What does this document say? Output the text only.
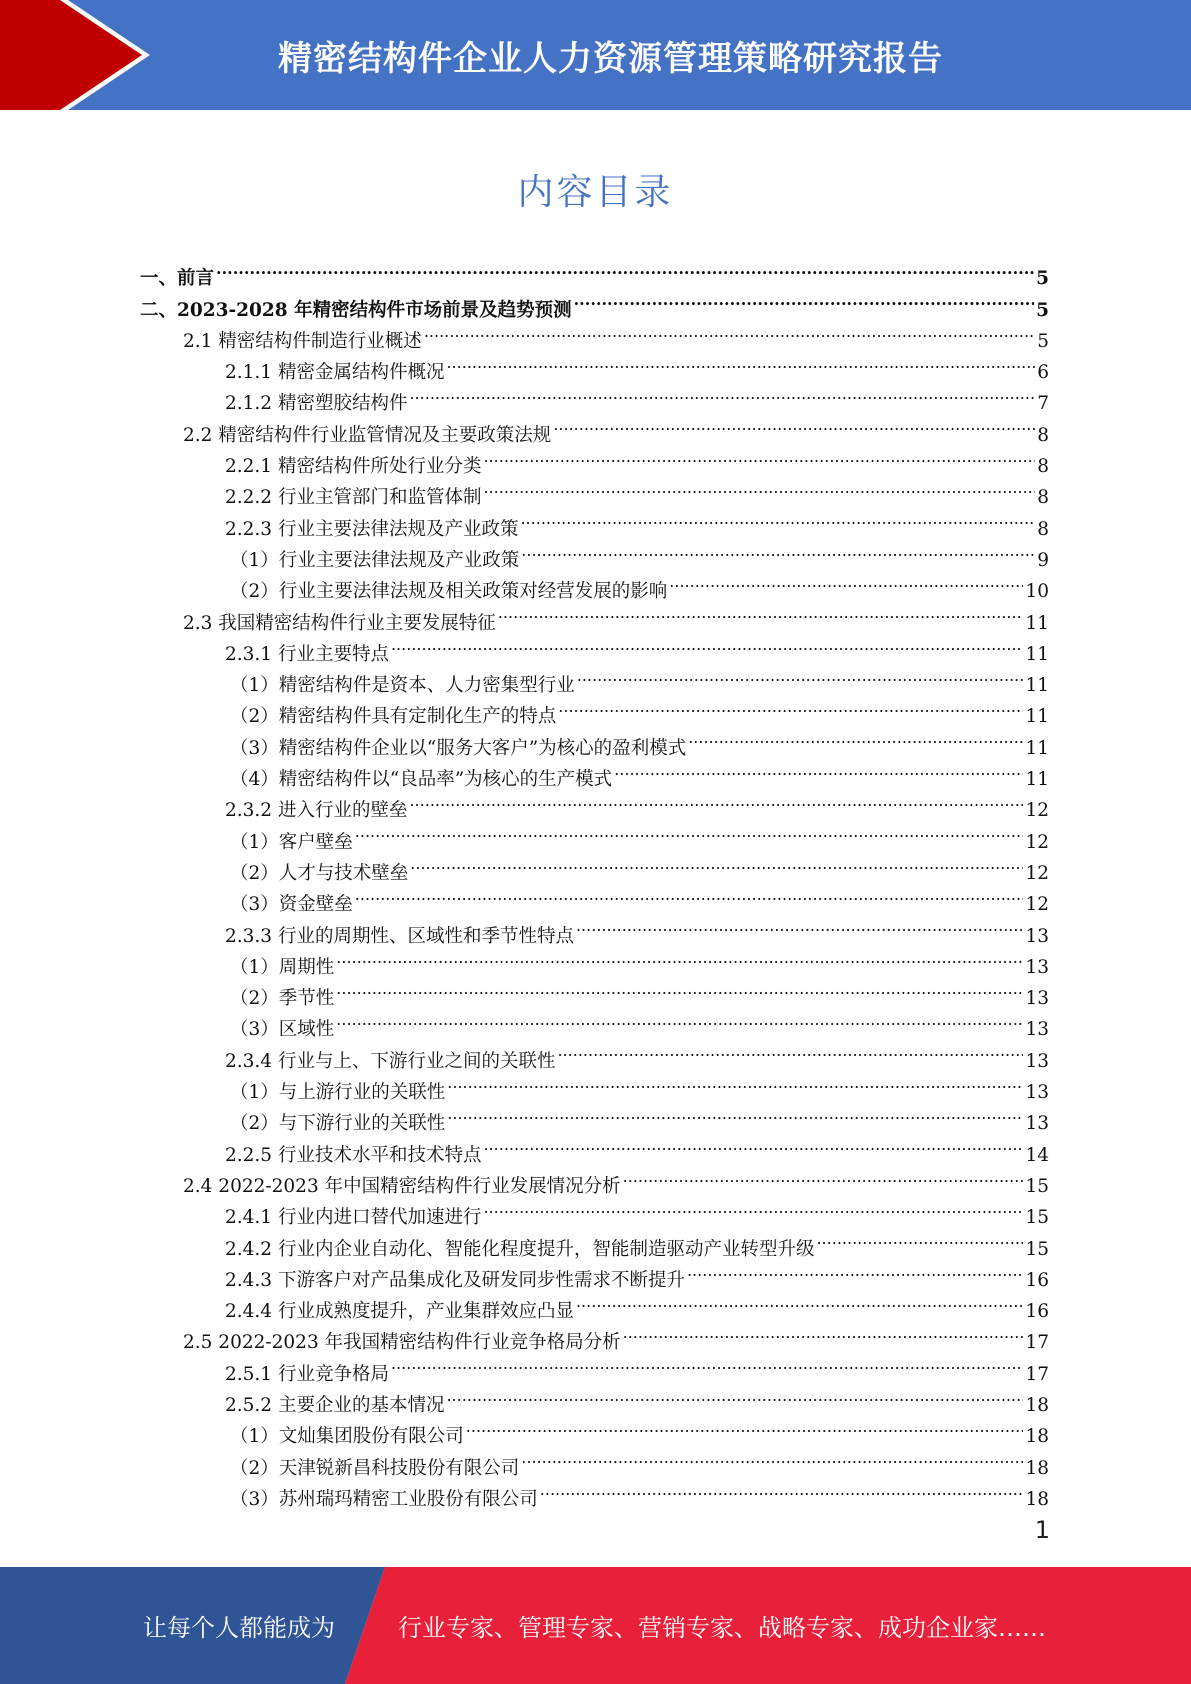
精密结构件企业人力资源管理策略研究报告
内容目录
一、前言 .....	5
二、2023-2028 年精密结构件市场前景及趋势预测 .....	5
2.1 精密结构件制造行业概述 .....	5
2.1.1 精密金属结构件概况 .....	6
2.1.2 精密塑胶结构件 .....	7
2.2 精密结构件行业监管情况及主要政策法规 .....	8
2.2.1 精密结构件所处行业分类 .....	8
2.2.2 行业主管部门和监管体制 .....	8
2.2.3 行业主要法律法规及产业政策 .....	8
（1）行业主要法律法规及产业政策 .....	9
（2）行业主要法律法规及相关政策对经营发展的影响 .....	10
2.3 我国精密结构件行业主要发展特征 .....	11
2.3.1 行业主要特点 .....	11
（1）精密结构件是资本、人力密集型行业 .....	11
（2）精密结构件具有定制化生产的特点 .....	11
（3）精密结构件企业以“服务大客户”为核心的盈利模式 .....	11
（4）精密结构件以“良品率”为核心的生产模式 .....	11
2.3.2 进入行业的壁垒 .....	12
（1）客户壁垒 .....	12
（2）人才与技术壁垒 .....	12
（3）资金壁垒 .....	12
2.3.3 行业的周期性、区域性和季节性特点 .....	13
（1）周期性 .....	13
（2）季节性 .....	13
（3）区域性 .....	13
2.3.4 行业与上、下游行业之间的关联性 .....	13
（1）与上游行业的关联性 .....	13
（2）与下游行业的关联性 .....	13
2.2.5 行业技术水平和技术特点 .....	14
2.4 2022-2023 年中国精密结构件行业发展情况分析 .....	15
2.4.1 行业内进口替代加速进行 .....	15
2.4.2 行业内企业自动化、智能化程度提升，智能制造驱动产业转型升级 .....	15
2.4.3 下游客户对产品集成化及研发同步性需求不断提升 .....	16
2.4.4 行业成熟度提升，产业集群效应凸显 .....	16
2.5 2022-2023 年我国精密结构件行业竞争格局分析 .....	17
2.5.1 行业竞争格局 .....	17
2.5.2 主要企业的基本情况 .....	18
（1）文灿集团股份有限公司 .....	18
（2）天津锐新昌科技股份有限公司 .....	18
（3）苏州瑞玛精密工业股份有限公司 .....	18
1
让每个人都能成为	行业专家、管理专家、营销专家、战略专家、成功企业家……
